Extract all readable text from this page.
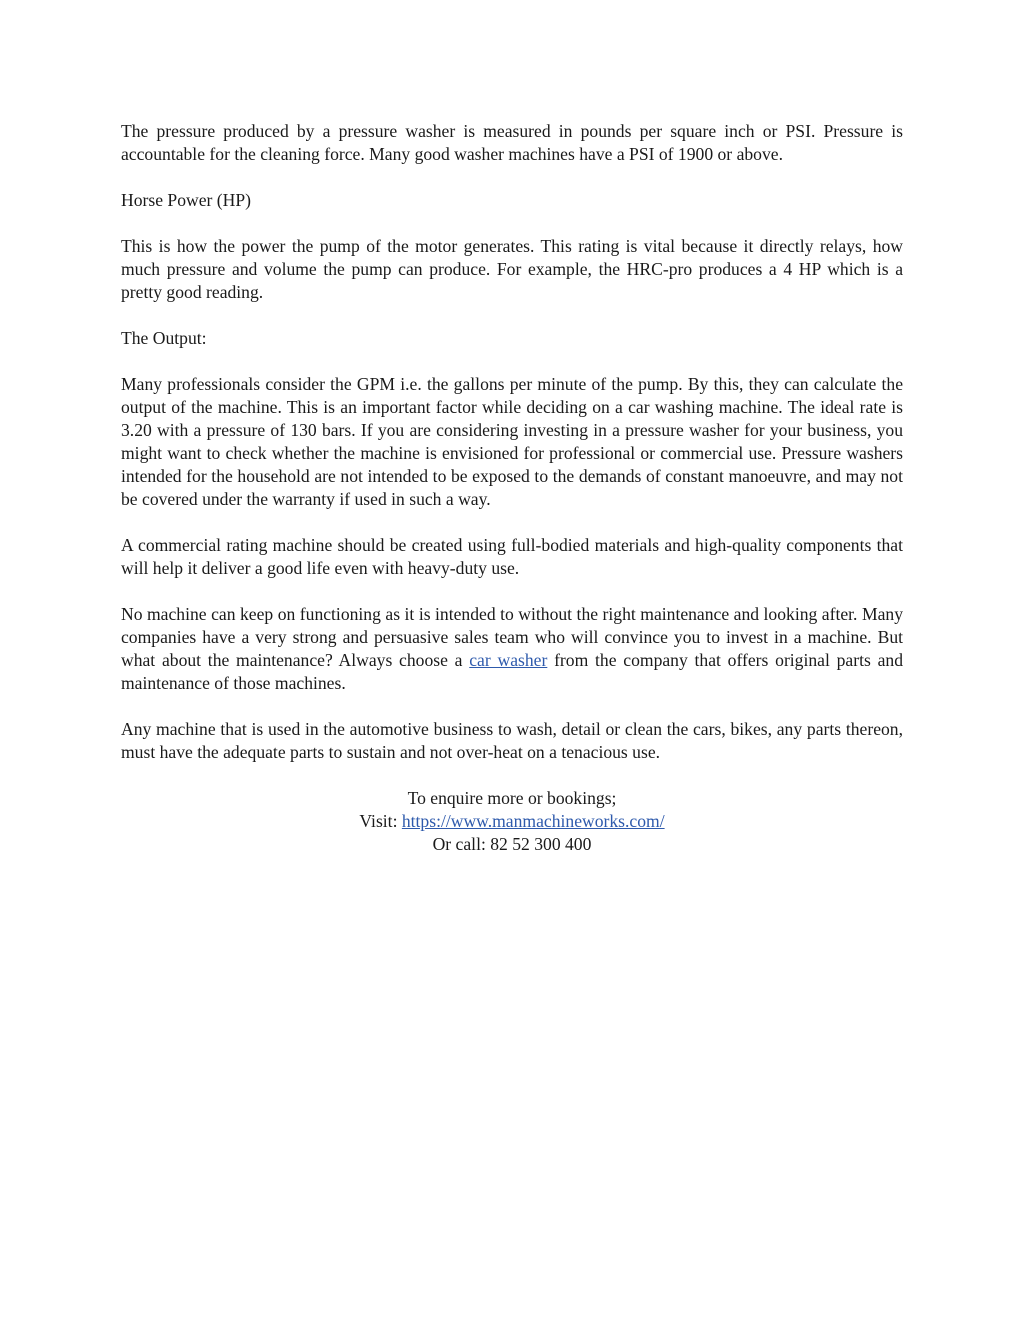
The pressure produced by a pressure washer is measured in pounds per square inch or PSI. Pressure is accountable for the cleaning force. Many good washer machines have a PSI of 1900 or above.

Horse Power (HP)

This is how the power the pump of the motor generates. This rating is vital because it directly relays, how much pressure and volume the pump can produce. For example, the HRC-pro produces a 4 HP which is a pretty good reading.

The Output:

Many professionals consider the GPM i.e. the gallons per minute of the pump. By this, they can calculate the output of the machine. This is an important factor while deciding on a car washing machine. The ideal rate is 3.20 with a pressure of 130 bars. If you are considering investing in a pressure washer for your business, you might want to check whether the machine is envisioned for professional or commercial use. Pressure washers intended for the household are not intended to be exposed to the demands of constant manoeuvre, and may not be covered under the warranty if used in such a way.

A commercial rating machine should be created using full-bodied materials and high-quality components that will help it deliver a good life even with heavy-duty use.

No machine can keep on functioning as it is intended to without the right maintenance and looking after. Many companies have a very strong and persuasive sales team who will convince you to invest in a machine. But what about the maintenance? Always choose a car washer from the company that offers original parts and maintenance of those machines.

Any machine that is used in the automotive business to wash, detail or clean the cars, bikes, any parts thereon, must have the adequate parts to sustain and not over-heat on a tenacious use.

To enquire more or bookings;
Visit: https://www.manmachineworks.com/
Or call: 82 52 300 400
